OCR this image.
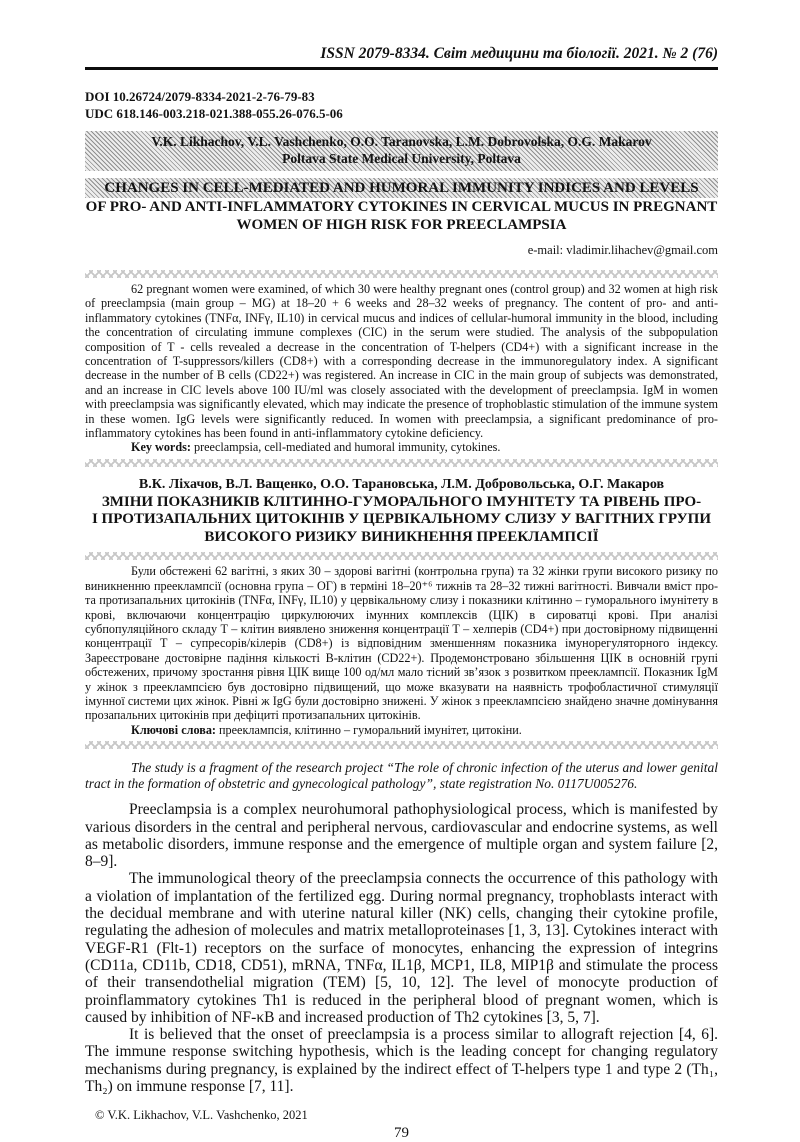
ISSN 2079-8334. Світ медицини та біології. 2021. № 2 (76)
DOI 10.26724/2079-8334-2021-2-76-79-83
UDC 618.146-003.218-021.388-055.26-076.5-06
V.K. Likhachov, V.L. Vashchenko, O.O. Taranovska, L.M. Dobrovolska, O.G. Makarov
Poltava State Medical University, Poltava
CHANGES IN CELL-MEDIATED AND HUMORAL IMMUNITY INDICES AND LEVELS
OF PRO- AND ANTI-INFLAMMATORY CYTOKINES IN CERVICAL MUCUS IN PREGNANT
WOMEN OF HIGH RISK FOR PREECLAMPSIA
e-mail: vladimir.lihachev@gmail.com

62 pregnant women were examined, of which 30 were healthy pregnant ones (control group) and 32 women at high risk of preeclampsia (main group – MG) at 18–20 + 6 weeks and 28–32 weeks of pregnancy. The content of pro- and anti-inflammatory cytokines (TNFα, INFγ, IL10) in cervical mucus and indices of cellular-humoral immunity in the blood, including the concentration of circulating immune complexes (CIC) in the serum were studied. The analysis of the subpopulation composition of T - cells revealed a decrease in the concentration of T-helpers (CD4+) with a significant increase in the concentration of T-suppressors/killers (CD8+) with a corresponding decrease in the immunoregulatory index. A significant decrease in the number of B cells (CD22+) was registered. An increase in CIC in the main group of subjects was demonstrated, and an increase in CIC levels above 100 IU/ml was closely associated with the development of preeclampsia. IgM in women with preeclampsia was significantly elevated, which may indicate the presence of trophoblastic stimulation of the immune system in these women. IgG levels were significantly reduced. In women with preeclampsia, a significant predominance of pro-inflammatory cytokines has been found in anti-inflammatory cytokine deficiency.

Key words: preeclampsia, cell-mediated and humoral immunity, cytokines.

В.К. Ліхачов, В.Л. Ващенко, О.О. Тарановська, Л.М. Добровольська, О.Г. Макаров
ЗМІНИ ПОКАЗНИКІВ КЛІТИННО-ГУМОРАЛЬНОГО ІМУНІТЕТУ ТА РІВЕНЬ ПРО-
І ПРОТИЗАПАЛЬНИХ ЦИТОКІНІВ У ЦЕРВІКАЛЬНОМУ СЛИЗУ У ВАГІТНИХ ГРУПИ
ВИСОКОГО РИЗИКУ ВИНИКНЕННЯ ПРЕЕКЛАМПСІЇ

Були обстежені 62 вагітні, з яких 30 – здорові вагітні (контрольна група) та 32 жінки групи високого ризику по виникненню прееклампсії (основна група – ОГ) в терміні 18–20⁺⁶ тижнів та 28–32 тижні вагітності. Вивчали вміст про- та протизапальних цитокінів (TNFα, INFγ, IL10) у цервікальному слизу і показники клітинно – гуморального імунітету в крові, включаючи концентрацію циркулюючих імунних комплексів (ЦІК) в сироватці крові. При аналізі субпопуляційного складу Т – клітин виявлено зниження концентрації Т – хелперів (CD4+) при достовірному підвищенні концентрації Т – супресорів/кілерів (CD8+) із відповідним зменшенням показника імунорегуляторного індексу. Зареєстроване достовірне падіння кількості В-клітин (CD22+). Продемонстровано збільшення ЦІК в основній групі обстежених, причому зростання рівня ЦІК вище 100 од/мл мало тісний зв’язок з розвитком прееклампсії. Показник IgM у жінок з прееклампсією був достовірно підвищений, що може вказувати на наявність трофобластичної стимуляції імунної системи цих жінок. Рівні ж IgG були достовірно знижені. У жінок з прееклампсією знайдено значне домінування прозапальних цитокінів при дефіциті протизапальних цитокінів.

Ключові слова: прееклампсія, клітинно – гуморальний імунітет, цитокіни.

The study is a fragment of the research project “The role of chronic infection of the uterus and lower genital tract in the formation of obstetric and gynecological pathology”, state registration No. 0117U005276.

Preeclampsia is a complex neurohumoral pathophysiological process, which is manifested by various disorders in the central and peripheral nervous, cardiovascular and endocrine systems, as well as metabolic disorders, immune response and the emergence of multiple organ and system failure [2, 8–9].

The immunological theory of the preeclampsia connects the occurrence of this pathology with a violation of implantation of the fertilized egg. During normal pregnancy, trophoblasts interact with the decidual membrane and with uterine natural killer (NK) cells, changing their cytokine profile, regulating the adhesion of molecules and matrix metalloproteinases [1, 3, 13]. Cytokines interact with VEGF-R1 (Flt-1) receptors on the surface of monocytes, enhancing the expression of integrins (CD11a, CD11b, CD18, CD51), mRNA, TNFα, IL1β, MCP1, IL8, MIP1β and stimulate the process of their transendothelial migration (TEM) [5, 10, 12]. The level of monocyte production of proinflammatory cytokines Th1 is reduced in the peripheral blood of pregnant women, which is caused by inhibition of NF-κB and increased production of Th2 cytokines [3, 5, 7].

It is believed that the onset of preeclampsia is a process similar to allograft rejection [4, 6]. The immune response switching hypothesis, which is the leading concept for changing regulatory mechanisms during pregnancy, is explained by the indirect effect of T-helpers type 1 and type 2 (Th₁, Th₂) on immune response [7, 11].

© V.K. Likhachov, V.L. Vashchenko, 2021
79
